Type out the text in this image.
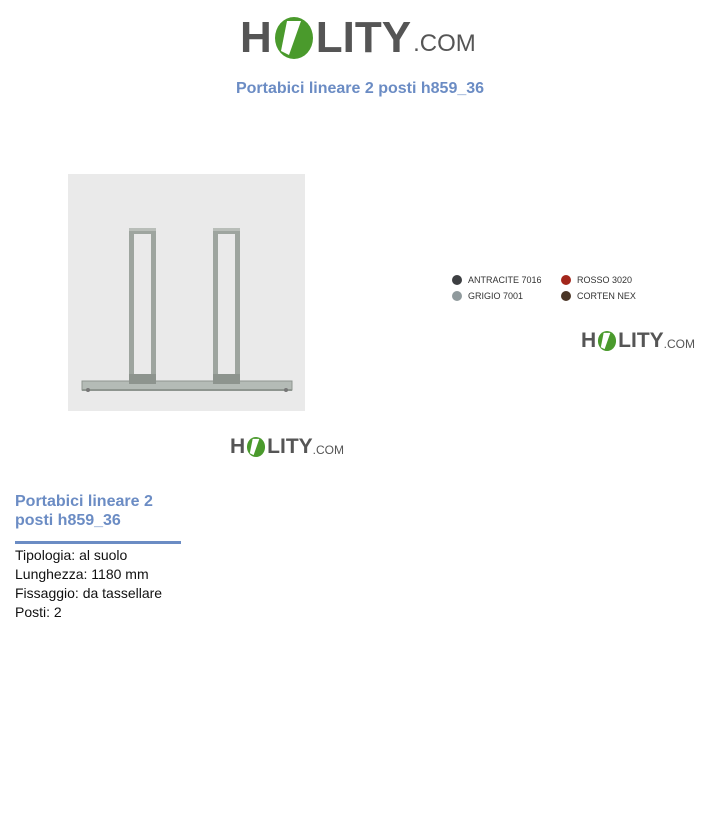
H LITY .COM
Portabici lineare 2 posti h859_36
H LITY .COM
ANTRACITE 7016	ROSSO 3020
GRIGIO 7001	CORTEN NEX
H LITY .COM
Portabici lineare 2 posti h859_36
Tipologia: al suolo
Lunghezza: 1180 mm
Fissaggio: da tassellare
Posti: 2
